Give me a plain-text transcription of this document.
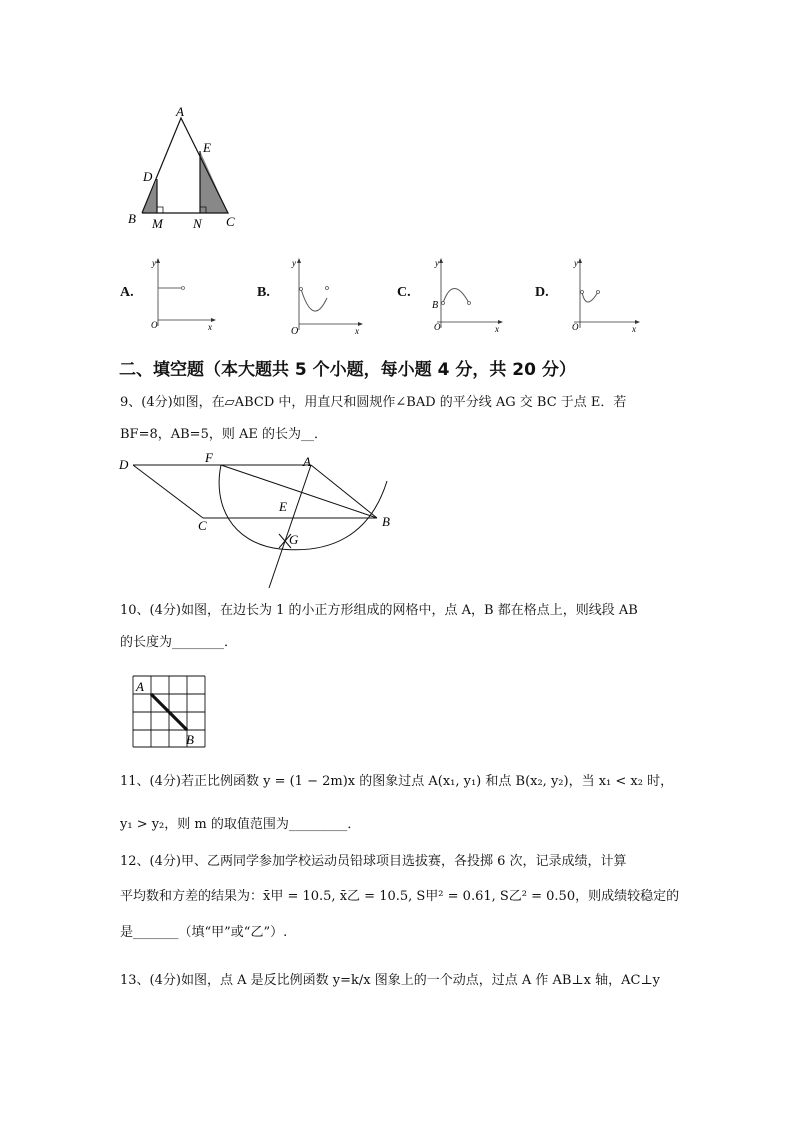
A
E
D
B M N C
A.
y
x
O
B.
y
x
O
C.
y
x
O
B
D.
y
x
O
二、填空题（本大题共 5 个小题，每小题 4 分，共 20 分）
9、(4分)如图，在▱ABCD 中，用直尺和圆规作∠BAD 的平分线 AG 交 BC 于点 E．若
BF=8，AB=5，则 AE 的长为__．
D	F	A
E
C	B
G
10、(4分)如图，在边长为 1 的小正方形组成的网格中，点 A，B 都在格点上，则线段 AB
的长度为________．
A
B
11、(4分)若正比例函数 y = (1 − 2m)x 的图象过点 A(x₁, y₁) 和点 B(x₂, y₂)，当 x₁ < x₂ 时，
y₁ > y₂，则 m 的取值范围为_________．
12、(4分)甲、乙两同学参加学校运动员铅球项目选拔赛，各投掷 6 次，记录成绩，计算
平均数和方差的结果为：x̄甲 = 10.5, x̄乙 = 10.5, S甲² = 0.61, S乙² = 0.50，则成绩较稳定的
是_______（填“甲”或“乙”）.
13、(4分)如图，点 A 是反比例函数 y=k/x 图象上的一个动点，过点 A 作 AB⊥x 轴，AC⊥y
